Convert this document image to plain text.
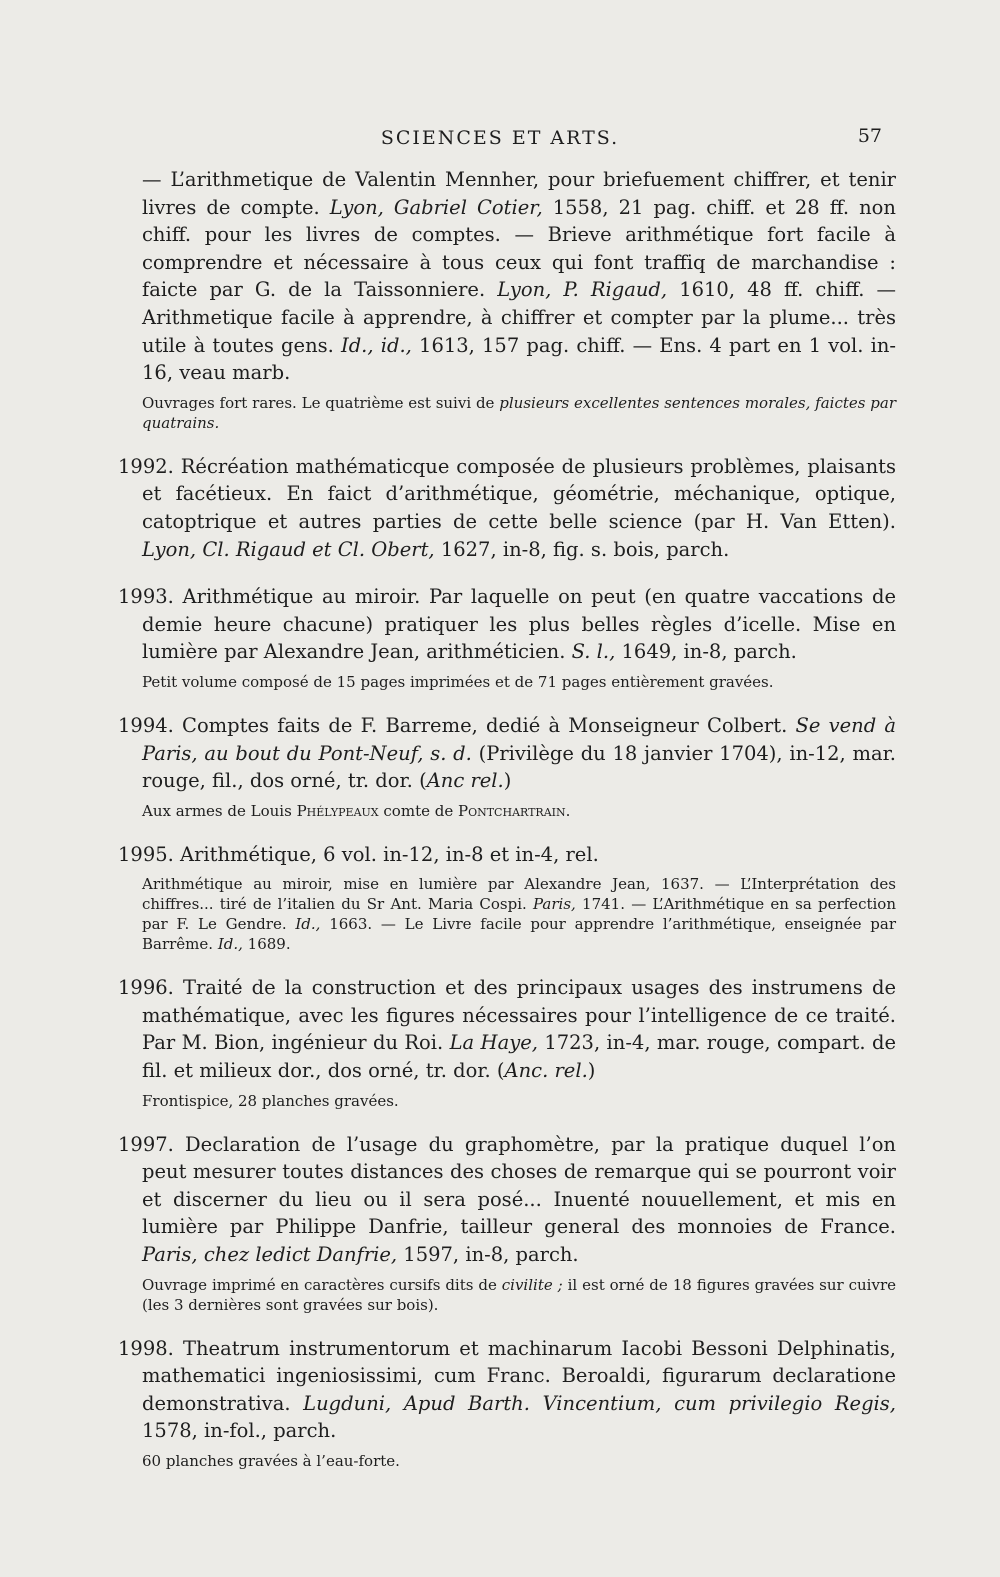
SCIENCES ET ARTS.	57

— L’arithmetique de Valentin Mennher, pour briefuement chiffrer, et tenir livres de compte. Lyon, Gabriel Cotier, 1558, 21 pag. chiff. et 28 ff. non chiff. pour les livres de comptes. — Brieve arithmétique fort facile à comprendre et nécessaire à tous ceux qui font traffiq de marchandise : faicte par G. de la Taissonniere. Lyon, P. Rigaud, 1610, 48 ff. chiff. — Arithmetique facile à apprendre, à chiffrer et compter par la plume... très utile à toutes gens. Id., id., 1613, 157 pag. chiff. — Ens. 4 part en 1 vol. in-16, veau marb.

Ouvrages fort rares. Le quatrième est suivi de plusieurs excellentes sentences morales, faictes par quatrains.

1992. Récréation mathématicque composée de plusieurs problèmes, plaisants et facétieux. En faict d’arithmétique, géométrie, méchanique, optique, catoptrique et autres parties de cette belle science (par H. Van Etten). Lyon, Cl. Rigaud et Cl. Obert, 1627, in-8, fig. s. bois, parch.

1993. Arithmétique au miroir. Par laquelle on peut (en quatre vaccations de demie heure chacune) pratiquer les plus belles règles d’icelle. Mise en lumière par Alexandre Jean, arithméticien. S. l., 1649, in-8, parch.

Petit volume composé de 15 pages imprimées et de 71 pages entièrement gravées.

1994. Comptes faits de F. Barreme, dedié à Monseigneur Colbert. Se vend à Paris, au bout du Pont-Neuf, s. d. (Privilège du 18 janvier 1704), in-12, mar. rouge, fil., dos orné, tr. dor. (Anc rel.)

Aux armes de Louis Phélypeaux comte de Pontchartrain.

1995. Arithmétique, 6 vol. in-12, in-8 et in-4, rel.

Arithmétique au miroir, mise en lumière par Alexandre Jean, 1637. — L’Interprétation des chiffres... tiré de l’italien du Sr Ant. Maria Cospi. Paris, 1741. — L’Arithmétique en sa perfection par F. Le Gendre. Id., 1663. — Le Livre facile pour apprendre l’arithmétique, enseignée par Barrême. Id., 1689.

1996. Traité de la construction et des principaux usages des instrumens de mathématique, avec les figures nécessaires pour l’intelligence de ce traité. Par M. Bion, ingénieur du Roi. La Haye, 1723, in-4, mar. rouge, compart. de fil. et milieux dor., dos orné, tr. dor. (Anc. rel.)

Frontispice, 28 planches gravées.

1997. Declaration de l’usage du graphomètre, par la pratique duquel l’on peut mesurer toutes distances des choses de remarque qui se pourront voir et discerner du lieu ou il sera posé... Inuenté nouuellement, et mis en lumière par Philippe Danfrie, tailleur general des monnoies de France. Paris, chez ledict Danfrie, 1597, in-8, parch.

Ouvrage imprimé en caractères cursifs dits de civilite ; il est orné de 18 figures gravées sur cuivre (les 3 dernières sont gravées sur bois).

1998. Theatrum instrumentorum et machinarum Iacobi Bessoni Delphinatis, mathematici ingeniosissimi, cum Franc. Beroaldi, figurarum declaratione demonstrativa. Lugduni, Apud Barth. Vincentium, cum privilegio Regis, 1578, in-fol., parch.

60 planches gravées à l’eau-forte.
